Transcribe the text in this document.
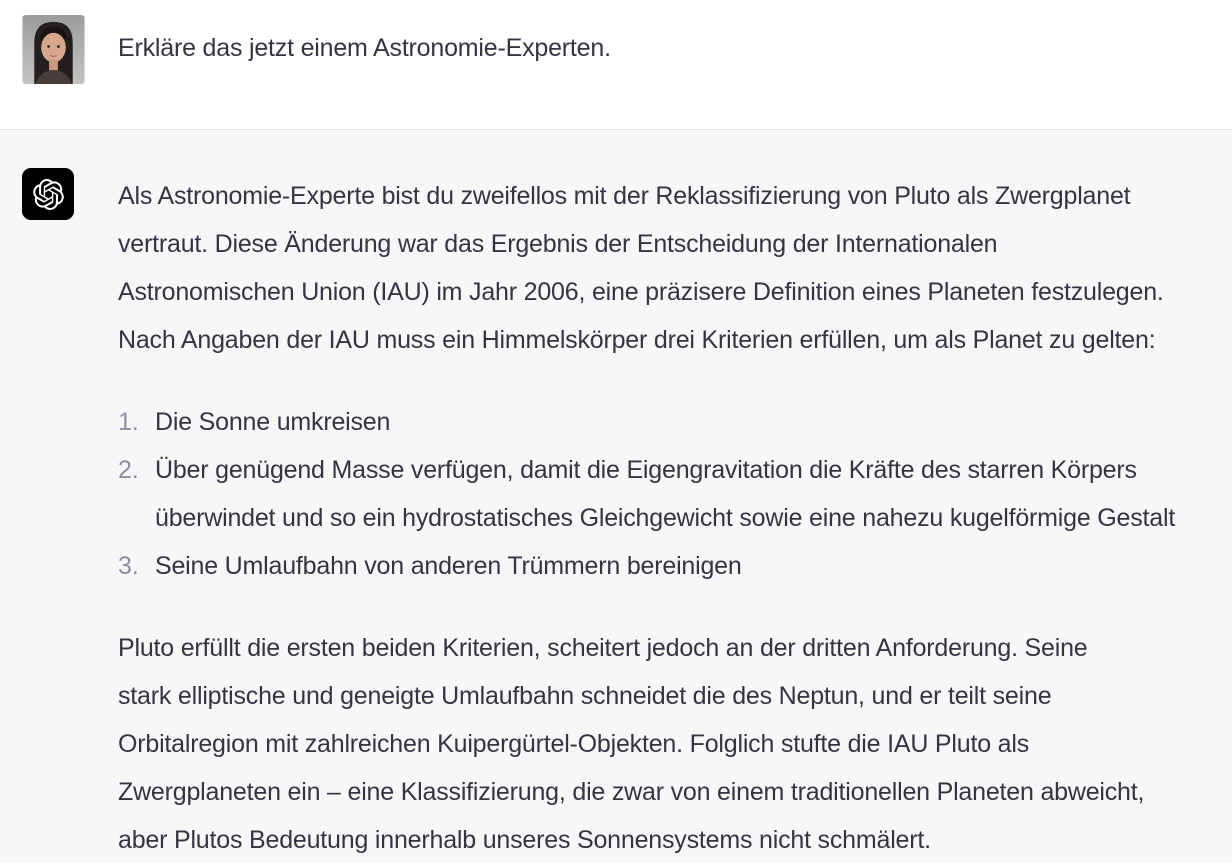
Erkläre das jetzt einem Astronomie-Experten.

Als Astronomie-Experte bist du zweifellos mit der Reklassifizierung von Pluto als Zwergplanet
vertraut. Diese Änderung war das Ergebnis der Entscheidung der Internationalen
Astronomischen Union (IAU) im Jahr 2006, eine präzisere Definition eines Planeten festzulegen.
Nach Angaben der IAU muss ein Himmelskörper drei Kriterien erfüllen, um als Planet zu gelten:

1. Die Sonne umkreisen
2. Über genügend Masse verfügen, damit die Eigengravitation die Kräfte des starren Körpers
überwindet und so ein hydrostatisches Gleichgewicht sowie eine nahezu kugelförmige Gestalt
3. Seine Umlaufbahn von anderen Trümmern bereinigen

Pluto erfüllt die ersten beiden Kriterien, scheitert jedoch an der dritten Anforderung. Seine
stark elliptische und geneigte Umlaufbahn schneidet die des Neptun, und er teilt seine
Orbitalregion mit zahlreichen Kuipergürtel-Objekten. Folglich stufte die IAU Pluto als
Zwergplaneten ein – eine Klassifizierung, die zwar von einem traditionellen Planeten abweicht,
aber Plutos Bedeutung innerhalb unseres Sonnensystems nicht schmälert.
